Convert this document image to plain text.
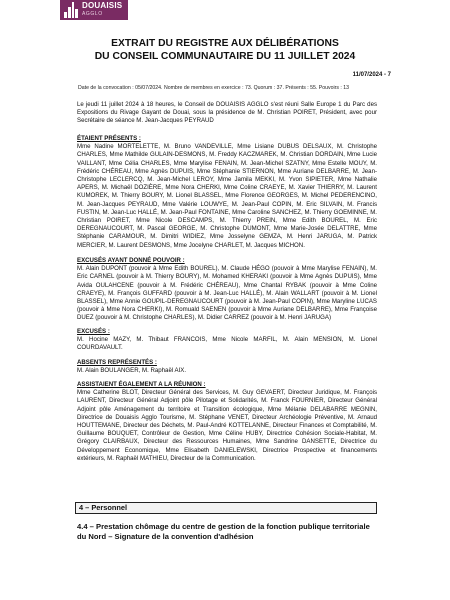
DOUAISIS
AGGLO
EXTRAIT DU REGISTRE AUX DÉLIBÉRATIONS
DU CONSEIL COMMUNAUTAIRE DU 11 JUILLET 2024
11/07/2024 - 7
Date de la convocation : 05/07/2024. Nombre de membres en exercice : 73. Quorum : 37. Présents : 55. Pouvoirs : 13

Le jeudi 11 juillet 2024 à 18 heures, le Conseil de DOUAISIS AGGLO s'est réuni Salle Europe 1 du Parc des Expositions du Rivage Gayant de Douai, sous la présidence de M. Christian POIRET, Président, avec pour Secrétaire de séance M. Jean-Jacques PEYRAUD

ÉTAIENT PRÉSENTS :

Mme Nadine MORTELETTE, M. Bruno VANDEVILLE, Mme Lisiane DUBUS DELSAUX, M. Christophe CHARLES, Mme Mathilde GULAIN-DESMONS, M. Freddy KACZMAREK, M. Christian DORDAIN, Mme Lucie VAILLANT, Mme Célia CHARLES, Mme Marylise FENAIN, M. Jean-Michel SZATNY, Mme Estelle MOUY, M. Frédéric CHÉREAU, Mme Agnès DUPUIS, Mme Stéphanie STIERNON, Mme Auriane DELBARRE, M. Jean-Christophe LECLERCQ, M. Jean-Michel LEROY, Mme Jamila MEKKI, M. Yvon SIPIETER, Mme Nathalie APERS, M. Michaël DOZIÈRE, Mme Nora CHERKI, Mme Coline CRAEYE, M. Xavier THIERRY, M. Laurent KUMOREK, M. Thierry BOURY, M. Lionel BLASSEL, Mme Florence GEORGES, M. Michel PEDERENCINO, M. Jean-Jacques PEYRAUD, Mme Valérie LOUWYE, M. Jean-Paul COPIN, M. Eric SILVAIN, M. Francis FUSTIN, M. Jean-Luc HALLÉ, M. Jean-Paul FONTAINE, Mme Caroline SANCHEZ, M. Thierry GOEMINNE, M. Christian POIRET, Mme Nicole DESCAMPS, M. Thierry PREIN, Mme Edith BOUREL, M. Eric DEREGNAUCOURT, M. Pascal GEORGE, M. Christophe DUMONT, Mme Marie-Josée DELATTRE, Mme Stéphanie CARAMOUR, M. Dimitri WIDIEZ, Mme Josselyne GEMZA, M. Henri JARUGA, M. Patrick MERCIER, M. Laurent DESMONS, Mme Jocelyne CHARLET, M. Jacques MICHON.

EXCUSÉS AYANT DONNÉ POUVOIR :

M. Alain DUPONT (pouvoir à Mme Edith BOUREL), M. Claude HÉGO (pouvoir à Mme Marylise FENAIN), M. Eric CARNEL (pouvoir à M. Thierry BOURY), M. Mohamed KHERAKI (pouvoir à Mme Agnès DUPUIS), Mme Avida OULAHCENE (pouvoir à M. Frédéric CHÉREAU), Mme Chantal RYBAK (pouvoir à Mme Coline CRAEYE), M. François GUFFARD (pouvoir à M. Jean-Luc HALLÉ), M. Alain WALLART (pouvoir à M. Lionel BLASSEL), Mme Annie GOUPIL-DEREGNAUCOURT (pouvoir à M. Jean-Paul COPIN), Mme Maryline LUCAS (pouvoir à Mme Nora CHERKI), M. Romuald SAENEN (pouvoir à Mme Auriane DELBARRE), Mme Françoise DUEZ (pouvoir à M. Christophe CHARLES), M. Didier CARREZ (pouvoir à M. Henri JARUGA)

EXCUSÉS :

M. Hocine MAZY, M. Thibaut FRANCOIS, Mme Nicole MARFIL, M. Alain MENSION, M. Lionel COURDAVAULT.

ABSENTS REPRÉSENTÉS :

M. Alain BOULANGER, M. Raphaël AIX.

ASSISTAIENT ÉGALEMENT A LA RÉUNION :

Mme Catherine BLOT, Directeur Général des Services, M. Guy GEVAERT, Directeur Juridique, M. François LAURENT, Directeur Général Adjoint pôle Pilotage et Solidarités, M. Franck FOURNIER, Directeur Général Adjoint pôle Aménagement du territoire et Transition écologique, Mme Mélanie DELABARRE MEGNIN, Directrice de Douaisis Agglo Tourisme, M. Stéphane VENET, Directeur Archéologie Préventive, M. Arnaud HOUTTEMANE, Directeur des Déchets, M. Paul-André KOTTELANNE, Directeur Finances et Comptabilité, M. Guillaume BOUQUET, Contrôleur de Gestion, Mme Céline HUBY, Directrice Cohésion Sociale-Habitat, M. Grégory CLAIRBAUX, Directeur des Ressources Humaines, Mme Sandrine DANSETTE, Directrice du Développement Economique, Mme Elisabeth DANIELEWSKI, Directrice Prospective et financements extérieurs, M. Raphaël MATHIEU, Directeur de la Communication.

4 – Personnel
4.4 – Prestation chômage du centre de gestion de la fonction publique territoriale du Nord – Signature de la convention d'adhésion
